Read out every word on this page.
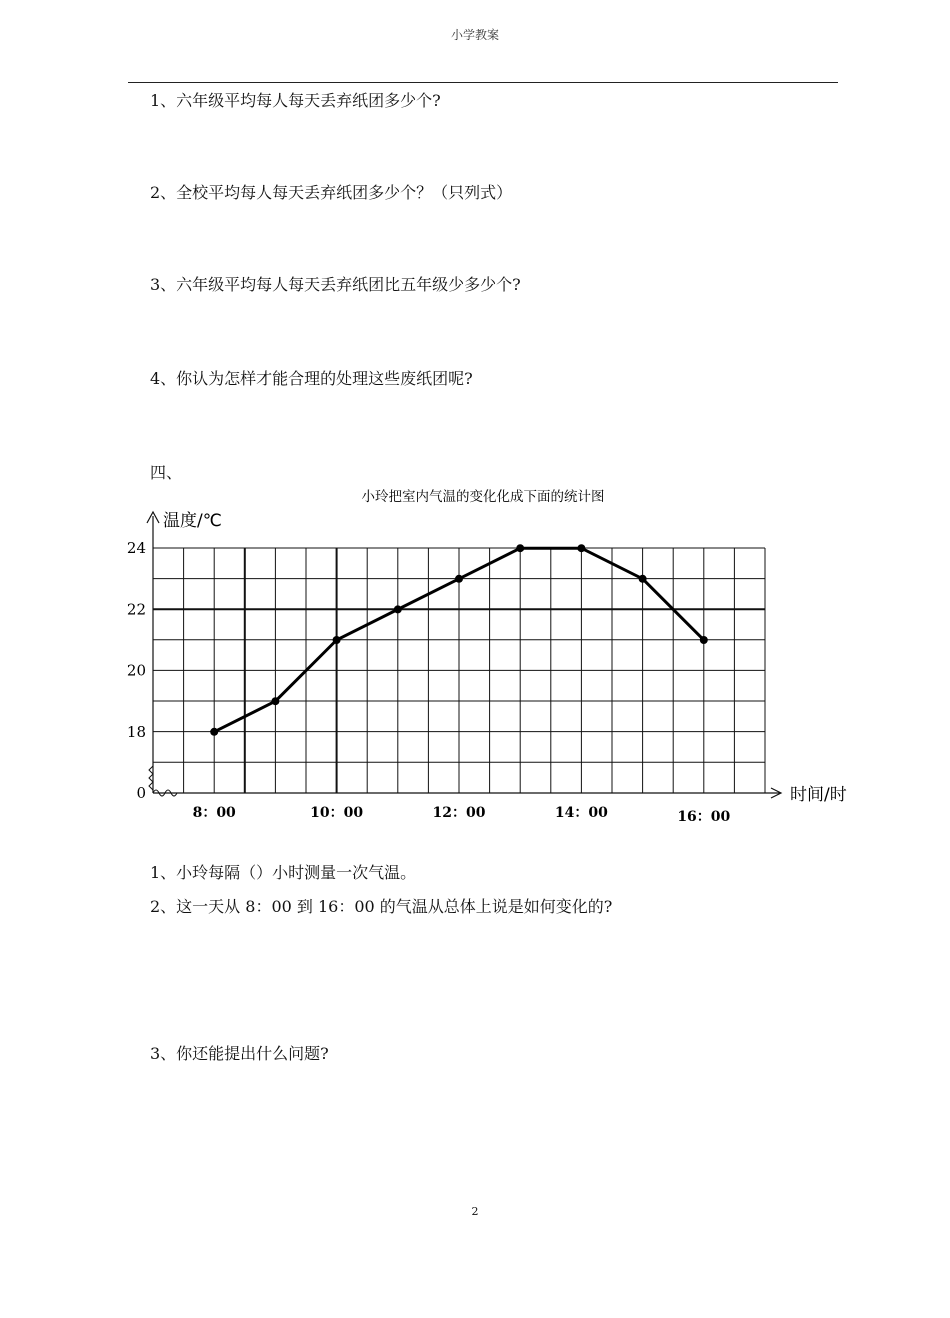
小学教案
1、六年级平均每人每天丢弃纸团多少个?
2、全校平均每人每天丢弃纸团多少个？（只列式）
3、六年级平均每人每天丢弃纸团比五年级少多少个?
4、你认为怎样才能合理的处理这些废纸团呢?
四、
小玲把室内气温的变化化成下面的统计图
温度/℃
时间/时
0
18
20
22
24
8：00	10：00	12：00	14：00	16：00
1、小玲每隔（）小时测量一次气温。
2、这一天从 8：00 到 16：00 的气温从总体上说是如何变化的?
3、你还能提出什么问题?
2
